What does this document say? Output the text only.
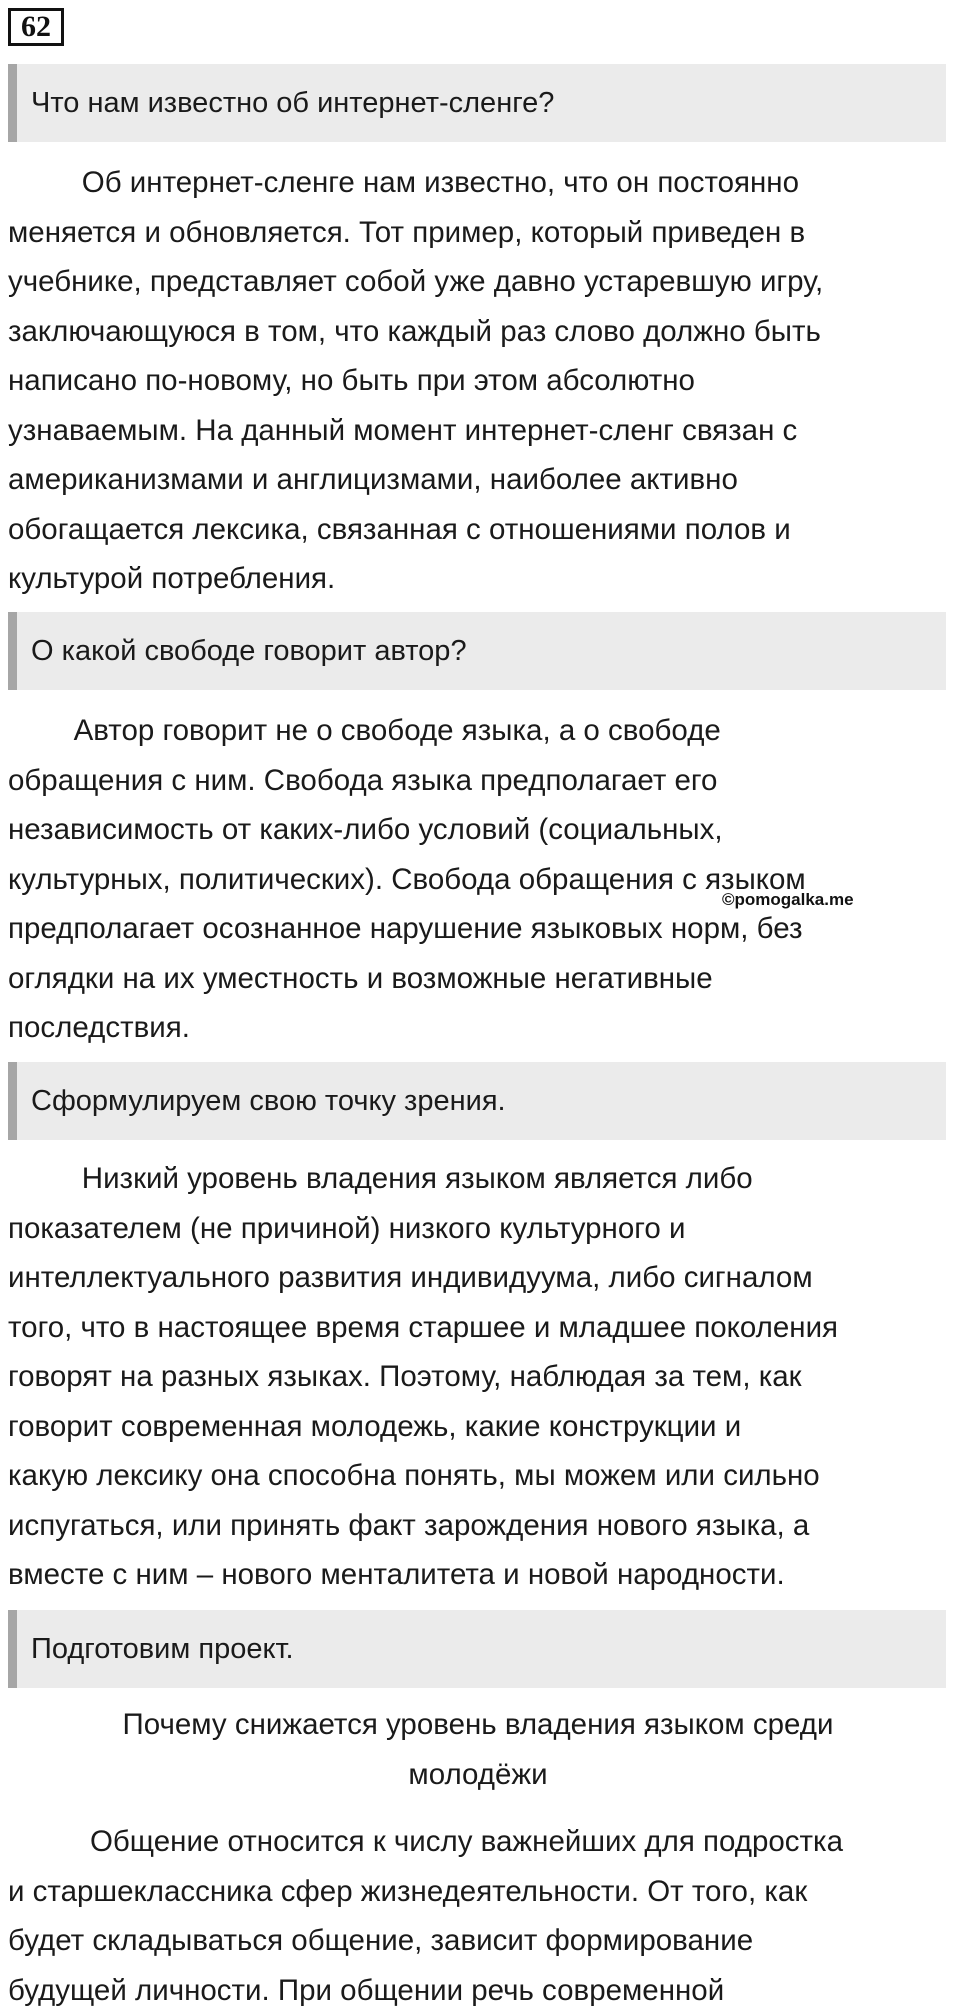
62
Что нам известно об интернет-сленге?
Об интернет-сленге нам известно, что он постоянно
меняется и обновляется. Тот пример, который приведен в
учебнике, представляет собой уже давно устаревшую игру,
заключающуюся в том, что каждый раз слово должно быть
написано по-новому, но быть при этом абсолютно
узнаваемым. На данный момент интернет-сленг связан с
американизмами и англицизмами, наиболее активно
обогащается лексика, связанная с отношениями полов и
культурой потребления.
О какой свободе говорит автор?
Автор говорит не о свободе языка, а о свободе
обращения с ним. Свобода языка предполагает его
независимость от каких-либо условий (социальных,
культурных, политических). Свобода обращения с языком
предполагает осознанное нарушение языковых норм, без
оглядки на их уместность и возможные негативные
последствия.
©pomogalka.me
Сформулируем свою точку зрения.
Низкий уровень владения языком является либо
показателем (не причиной) низкого культурного и
интеллектуального развития индивидуума, либо сигналом
того, что в настоящее время старшее и младшее поколения
говорят на разных языках. Поэтому, наблюдая за тем, как
говорит современная молодежь, какие конструкции и
какую лексику она способна понять, мы можем или сильно
испугаться, или принять факт зарождения нового языка, а
вместе с ним – нового менталитета и новой народности.
Подготовим проект.
Почему снижается уровень владения языком среди
молодёжи
Общение относится к числу важнейших для подростка
и старшеклассника сфер жизнедеятельности. От того, как
будет складываться общение, зависит формирование
будущей личности. При общении речь современной
